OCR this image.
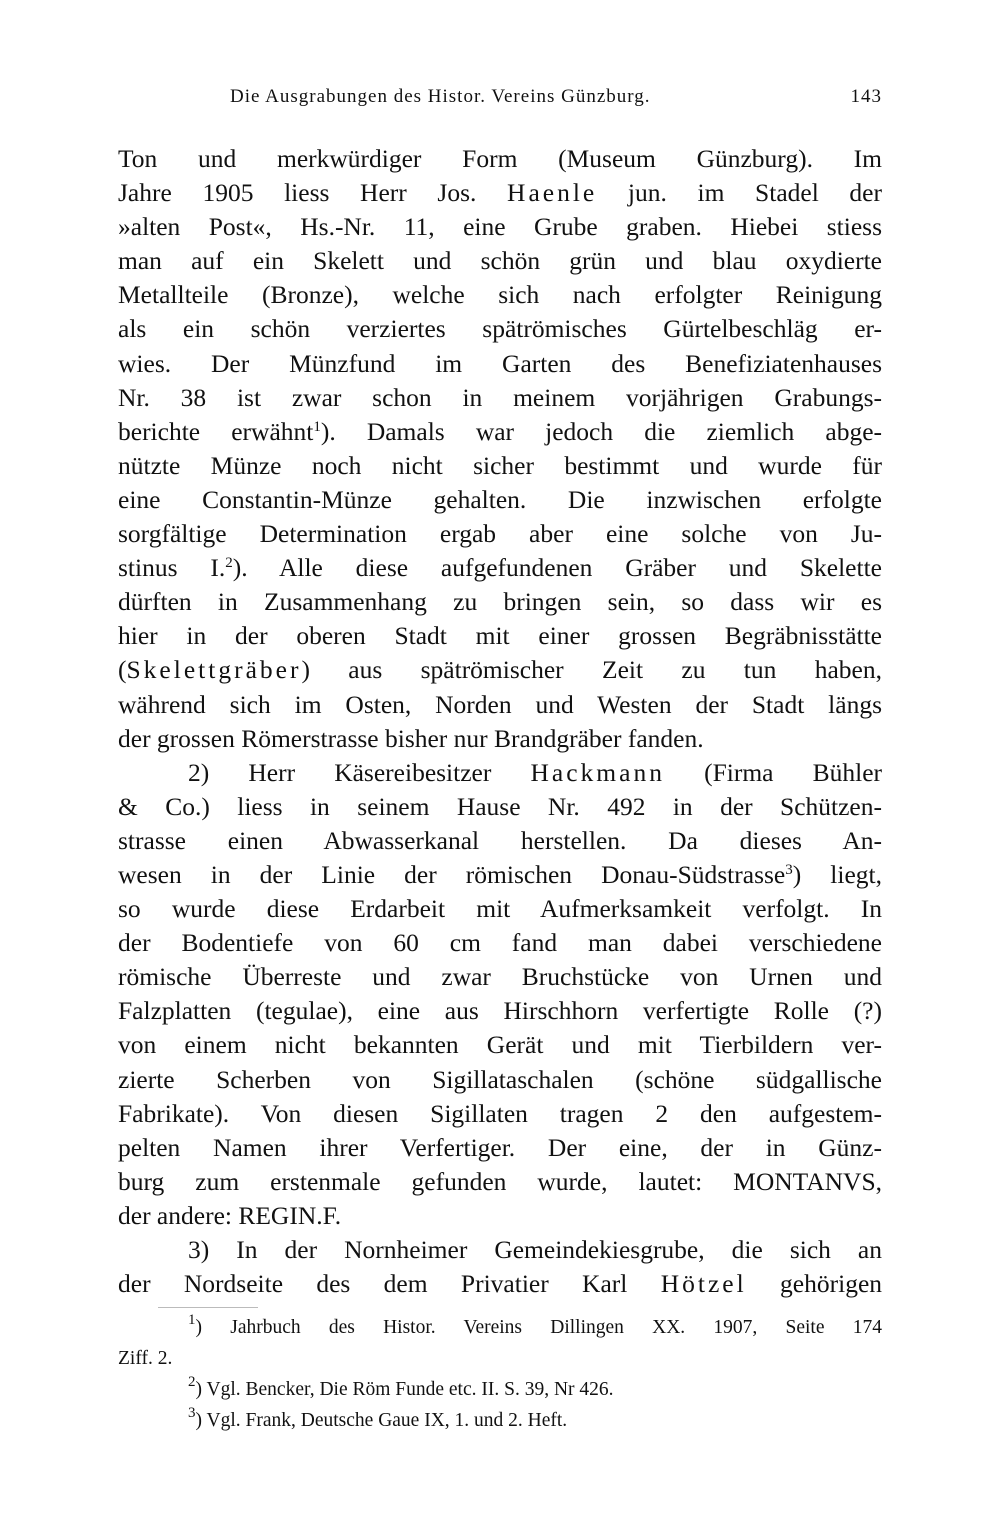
Die Ausgrabungen des Histor. Vereins Günzburg.	143
Ton und merkwürdiger Form (Museum Günzburg). Im
Jahre 1905 liess Herr Jos. Haenle jun. im Stadel der
»alten Post«, Hs.-Nr. 11, eine Grube graben. Hiebei stiess
man auf ein Skelett und schön grün und blau oxydierte
Metallteile (Bronze), welche sich nach erfolgter Reinigung
als ein schön verziertes spätrömisches Gürtelbeschläg er-
wies. Der Münzfund im Garten des Benefiziatenhauses
Nr. 38 ist zwar schon in meinem vorjährigen Grabungs-
berichte erwähnt$^1$). Damals war jedoch die ziemlich abge-
nützte Münze noch nicht sicher bestimmt und wurde für
eine Constantin-Münze gehalten. Die inzwischen erfolgte
sorgfältige Determination ergab aber eine solche von Ju-
stinus I.$^2$). Alle diese aufgefundenen Gräber und Skelette
dürften in Zusammenhang zu bringen sein, so dass wir es
hier in der oberen Stadt mit einer grossen Begräbnisstätte
(Skelettgräber) aus spätrömischer Zeit zu tun haben,
während sich im Osten, Norden und Westen der Stadt längs
der grossen Römerstrasse bisher nur Brandgräber fanden.
2) Herr Käsereibesitzer Hackmann (Firma Bühler
& Co.) liess in seinem Hause Nr. 492 in der Schützen-
strasse einen Abwasserkanal herstellen. Da dieses An-
wesen in der Linie der römischen Donau-Südstrasse$^3$) liegt,
so wurde diese Erdarbeit mit Aufmerksamkeit verfolgt. In
der Bodentiefe von 60 cm fand man dabei verschiedene
römische Überreste und zwar Bruchstücke von Urnen und
Falzplatten (tegulae), eine aus Hirschhorn verfertigte Rolle (?)
von einem nicht bekannten Gerät und mit Tierbildern ver-
zierte Scherben von Sigillataschalen (schöne südgallische
Fabrikate). Von diesen Sigillaten tragen 2 den aufgestem-
pelten Namen ihrer Verfertiger. Der eine, der in Günz-
burg zum erstenmale gefunden wurde, lautet: MONTANVS,
der andere: REGIN.F.
3) In der Nornheimer Gemeindekiesgrube, die sich an
der Nordseite des dem Privatier Karl Hötzel gehörigen
$^1$) Jahrbuch des Histor. Vereins Dillingen XX. 1907, Seite 174
Ziff. 2.
$^2$) Vgl. Bencker, Die Röm Funde etc. II. S. 39, Nr 426.
$^3$) Vgl. Frank, Deutsche Gaue IX, 1. und 2. Heft.
